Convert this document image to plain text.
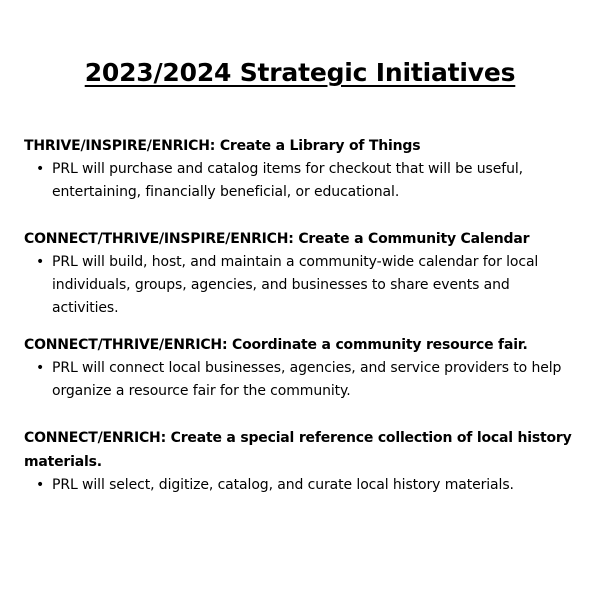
2023/2024 Strategic Initiatives

THRIVE/INSPIRE/ENRICH: Create a Library of Things

• PRL will purchase and catalog items for checkout that will be useful, entertaining, financially beneficial, or educational.

CONNECT/THRIVE/INSPIRE/ENRICH: Create a Community Calendar

• PRL will build, host, and maintain a community-wide calendar for local individuals, groups, agencies, and businesses to share events and activities.

CONNECT/THRIVE/ENRICH: Coordinate a community resource fair.

• PRL will connect local businesses, agencies, and service providers to help organize a resource fair for the community.

CONNECT/ENRICH: Create a special reference collection of local history materials.

• PRL will select, digitize, catalog, and curate local history materials.
